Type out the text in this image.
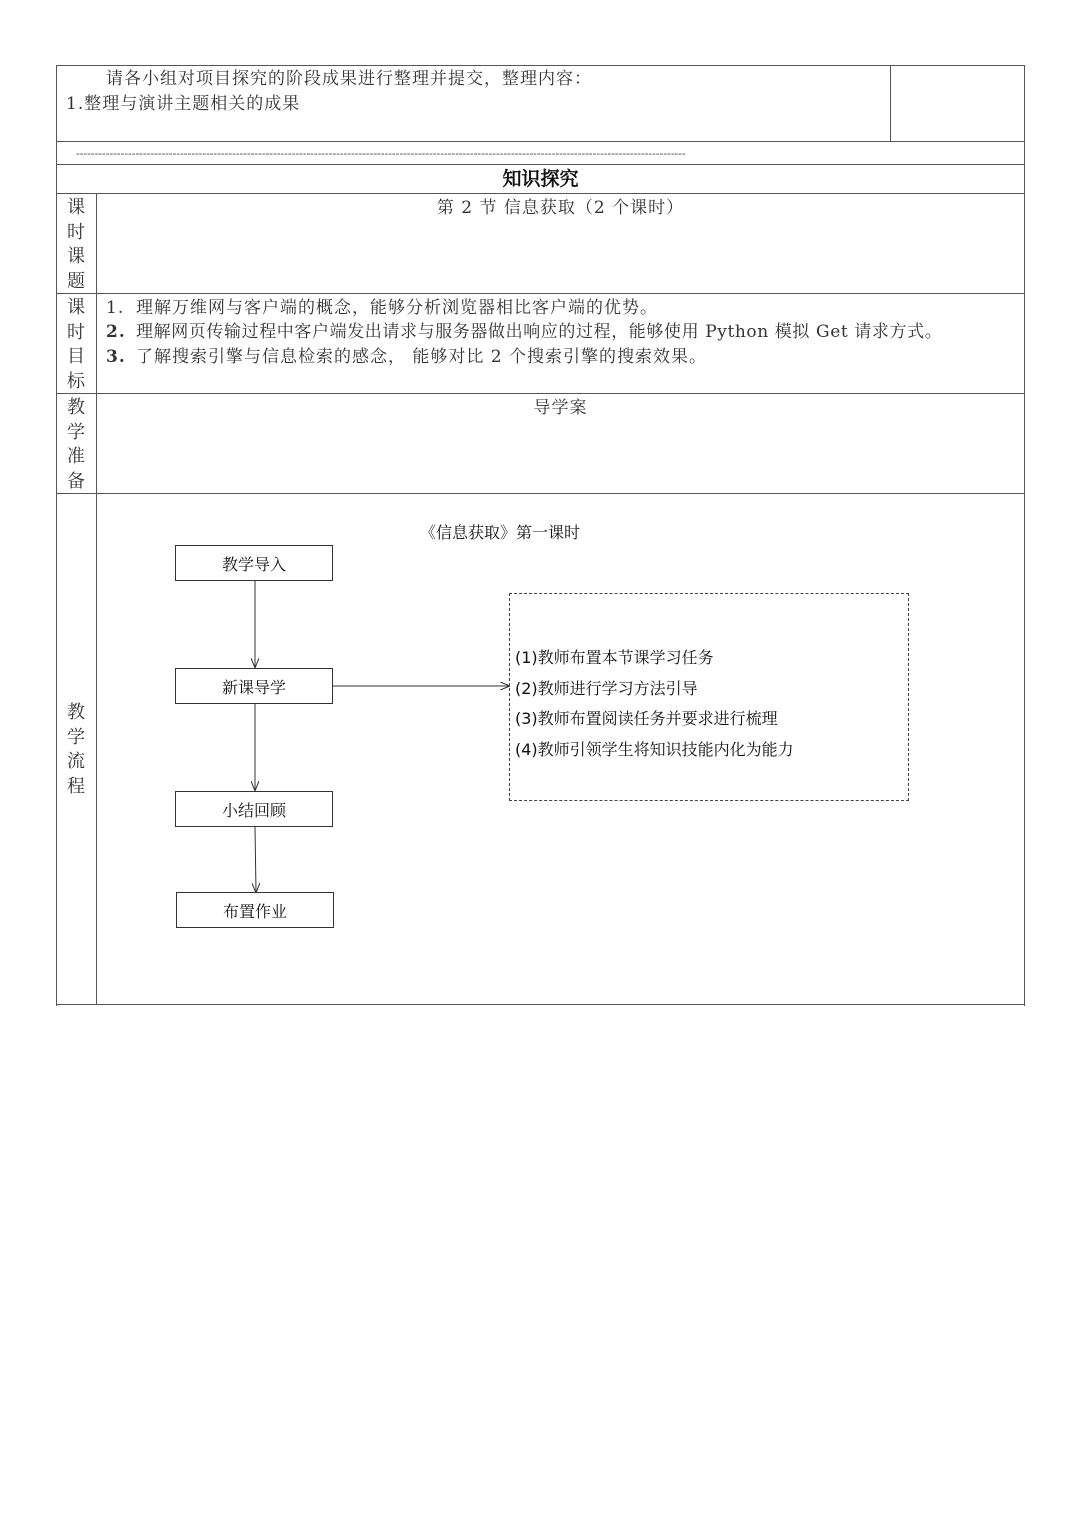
请各小组对项目探究的阶段成果进行整理并提交，整理内容：
1.整理与演讲主题相关的成果
--------------------------------------------------------------------------------------------------------------------------------------------------------------------
知识探究
课
时
课
题
第 2 节 信息获取（2 个课时）
课
时
目
标
1. 理解万维网与客户端的概念，能够分析浏览器相比客户端的优势。
2. 理解网页传输过程中客户端发出请求与服务器做出响应的过程，能够使用 Python 模拟 Get 请求方式。
3. 了解搜索引擎与信息检索的感念， 能够对比 2 个搜索引擎的搜索效果。
教
学
准
备
导学案
教
学
流
程
《信息获取》第一课时
教学导入
新课导学
小结回顾
布置作业
(1)教师布置本节课学习任务
(2)教师进行学习方法引导
(3)教师布置阅读任务并要求进行梳理
(4)教师引领学生将知识技能内化为能力
